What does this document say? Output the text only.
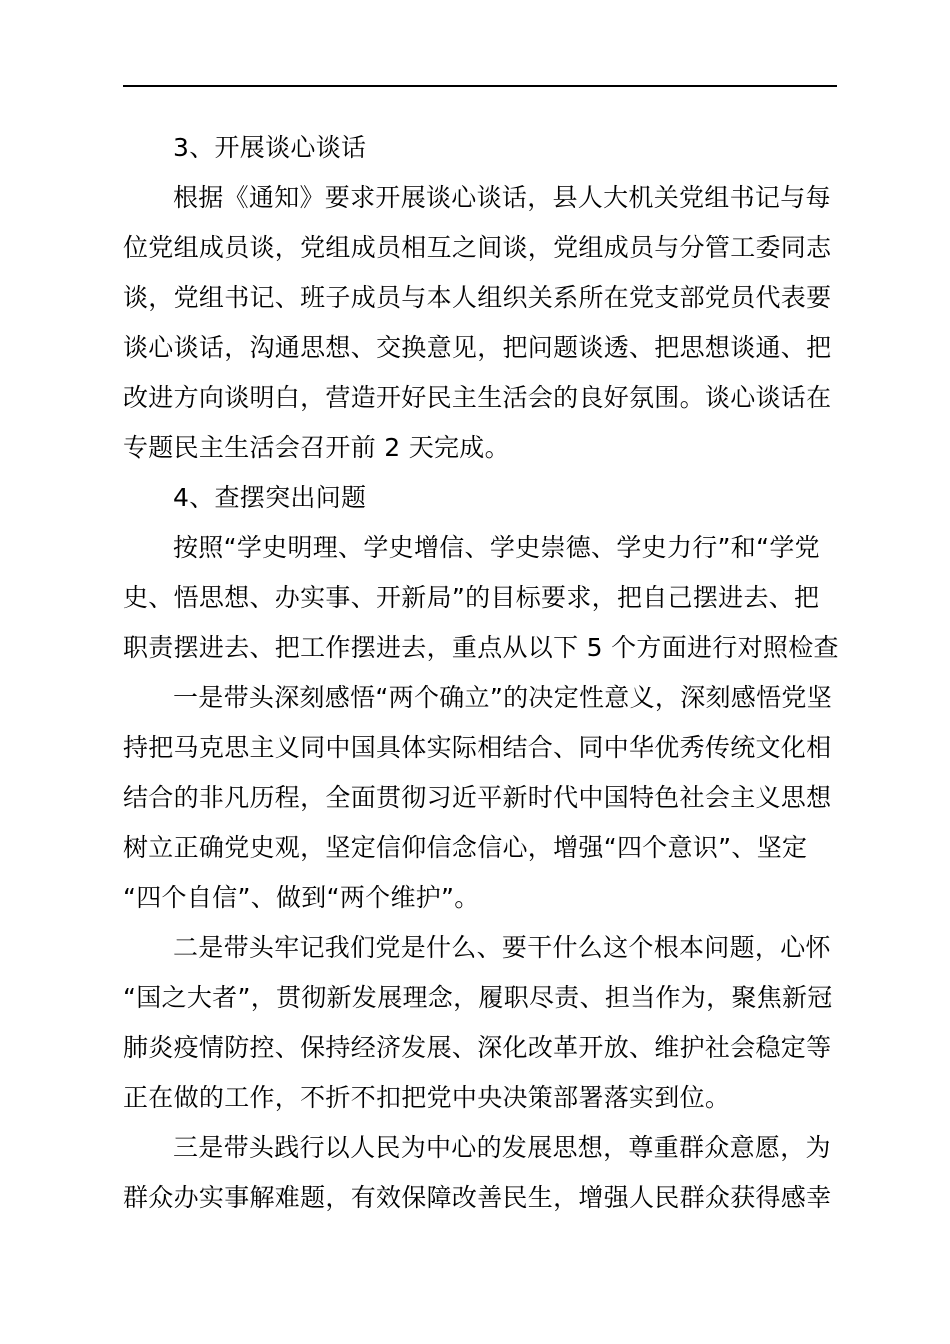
3、开展谈心谈话
根据《通知》要求开展谈心谈话，县人大机关党组书记与每
位党组成员谈，党组成员相互之间谈，党组成员与分管工委同志
谈，党组书记、班子成员与本人组织关系所在党支部党员代表要
谈心谈话，沟通思想、交换意见，把问题谈透、把思想谈通、把
改进方向谈明白，营造开好民主生活会的良好氛围。谈心谈话在
专题民主生活会召开前 2 天完成。
4、查摆突出问题
按照“学史明理、学史增信、学史崇德、学史力行”和“学党
史、悟思想、办实事、开新局”的目标要求，把自己摆进去、把
职责摆进去、把工作摆进去，重点从以下 5 个方面进行对照检查
一是带头深刻感悟“两个确立”的决定性意义，深刻感悟党坚
持把马克思主义同中国具体实际相结合、同中华优秀传统文化相
结合的非凡历程，全面贯彻习近平新时代中国特色社会主义思想
树立正确党史观，坚定信仰信念信心，增强“四个意识”、坚定
“四个自信”、做到“两个维护”。
二是带头牢记我们党是什么、要干什么这个根本问题，心怀
“国之大者”，贯彻新发展理念，履职尽责、担当作为，聚焦新冠
肺炎疫情防控、保持经济发展、深化改革开放、维护社会稳定等
正在做的工作，不折不扣把党中央决策部署落实到位。
三是带头践行以人民为中心的发展思想，尊重群众意愿，为
群众办实事解难题，有效保障改善民生，增强人民群众获得感幸
